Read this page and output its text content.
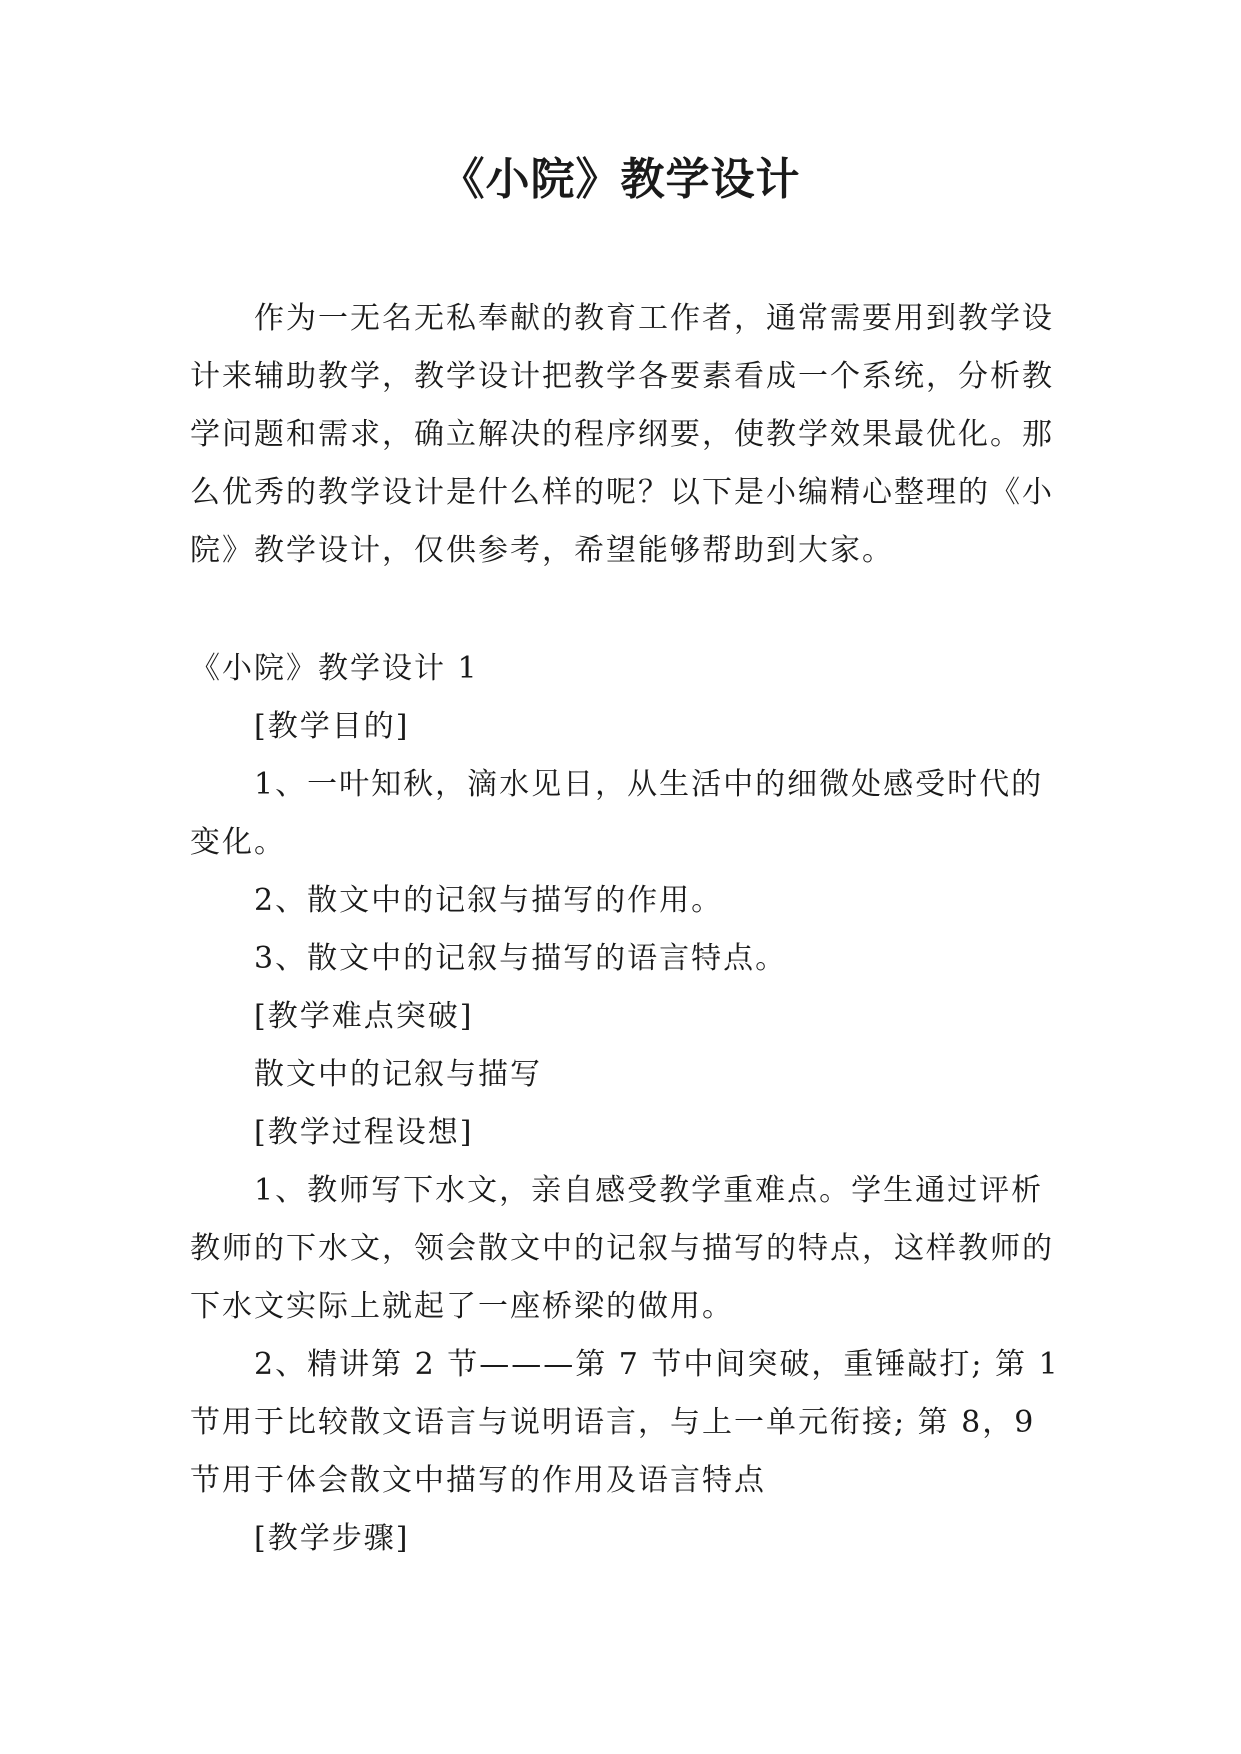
《小院》教学设计

作为一无名无私奉献的教育工作者，通常需要用到教学设计来辅助教学，教学设计把教学各要素看成一个系统，分析教学问题和需求，确立解决的程序纲要，使教学效果最优化。那么优秀的教学设计是什么样的呢？以下是小编精心整理的《小院》教学设计，仅供参考，希望能够帮助到大家。

《小院》教学设计 1

[教学目的]

1、一叶知秋，滴水见日，从生活中的细微处感受时代的变化。

2、散文中的记叙与描写的作用。

3、散文中的记叙与描写的语言特点。

[教学难点突破]

散文中的记叙与描写

[教学过程设想]

1、教师写下水文，亲自感受教学重难点。学生通过评析教师的下水文，领会散文中的记叙与描写的特点，这样教师的下水文实际上就起了一座桥梁的做用。

2、精讲第 2 节———第 7 节中间突破，重锤敲打; 第 1 节用于比较散文语言与说明语言，与上一单元衔接; 第 8，9 节用于体会散文中描写的作用及语言特点

[教学步骤]
